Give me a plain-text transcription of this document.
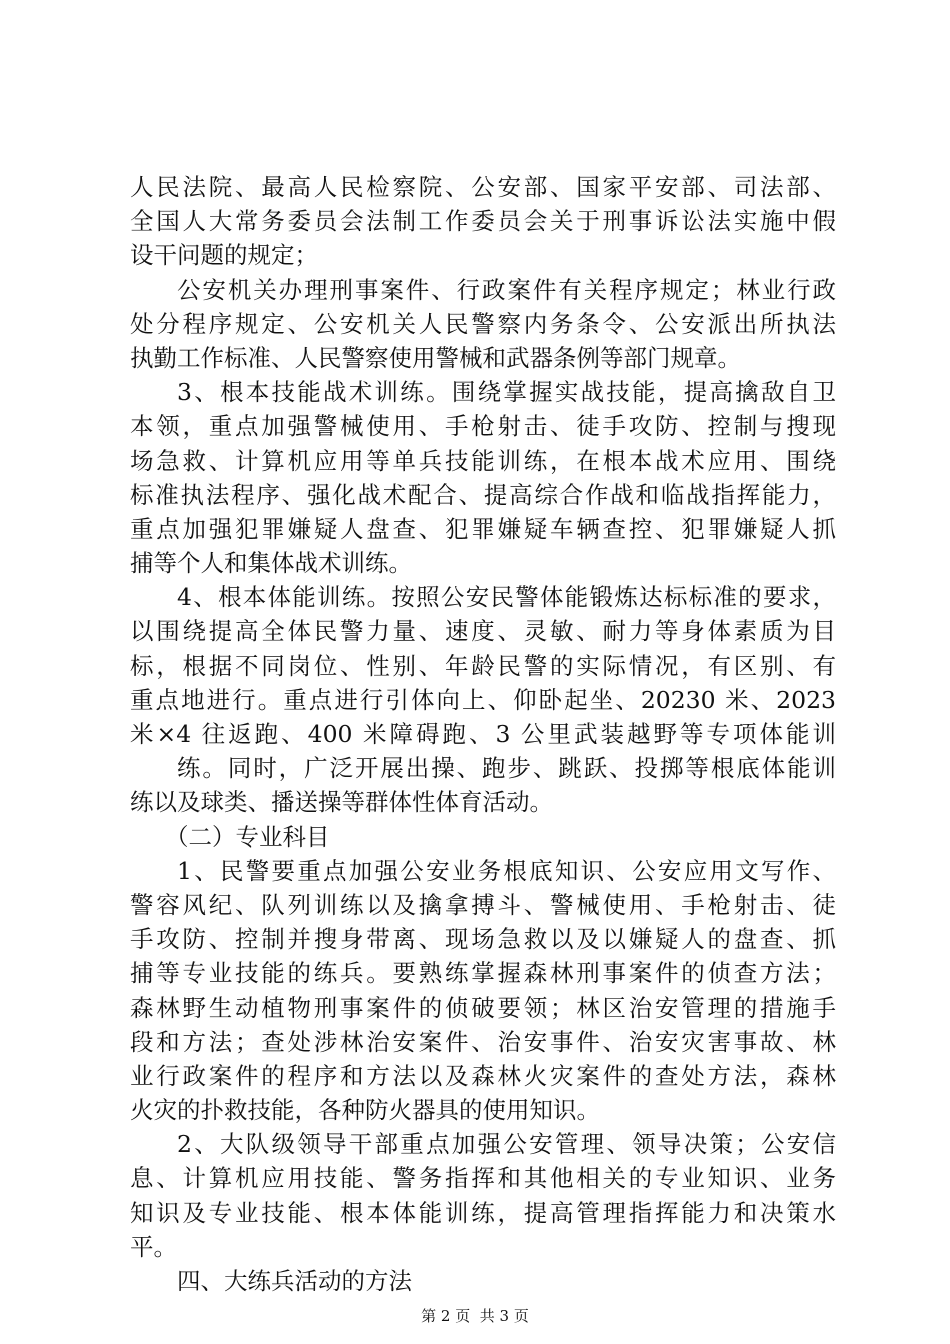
人民法院、最高人民检察院、公安部、国家平安部、司法部、
全国人大常务委员会法制工作委员会关于刑事诉讼法实施中假
设干问题的规定；
公安机关办理刑事案件、行政案件有关程序规定；林业行政
处分程序规定、公安机关人民警察内务条令、公安派出所执法
执勤工作标准、人民警察使用警械和武器条例等部门规章。
3、根本技能战术训练。围绕掌握实战技能，提高擒敌自卫
本领，重点加强警械使用、手枪射击、徒手攻防、控制与搜现
场急救、计算机应用等单兵技能训练，在根本战术应用、围绕
标准执法程序、强化战术配合、提高综合作战和临战指挥能力，
重点加强犯罪嫌疑人盘查、犯罪嫌疑车辆查控、犯罪嫌疑人抓
捕等个人和集体战术训练。
4、根本体能训练。按照公安民警体能锻炼达标标准的要求，
以围绕提高全体民警力量、速度、灵敏、耐力等身体素质为目
标，根据不同岗位、性别、年龄民警的实际情况，有区别、有
重点地进行。重点进行引体向上、仰卧起坐、20230 米、2023
米×4 往返跑、400 米障碍跑、3 公里武装越野等专项体能训
练。同时，广泛开展出操、跑步、跳跃、投掷等根底体能训
练以及球类、播送操等群体性体育活动。
（二）专业科目
1、民警要重点加强公安业务根底知识、公安应用文写作、
警容风纪、队列训练以及擒拿搏斗、警械使用、手枪射击、徒
手攻防、控制并搜身带离、现场急救以及以嫌疑人的盘查、抓
捕等专业技能的练兵。要熟练掌握森林刑事案件的侦查方法；
森林野生动植物刑事案件的侦破要领；林区治安管理的措施手
段和方法；查处涉林治安案件、治安事件、治安灾害事故、林
业行政案件的程序和方法以及森林火灾案件的查处方法，森林
火灾的扑救技能，各种防火器具的使用知识。
2、大队级领导干部重点加强公安管理、领导决策；公安信
息、计算机应用技能、警务指挥和其他相关的专业知识、业务
知识及专业技能、根本体能训练，提高管理指挥能力和决策水
平。
四、大练兵活动的方法
第 2 页  共 3 页
